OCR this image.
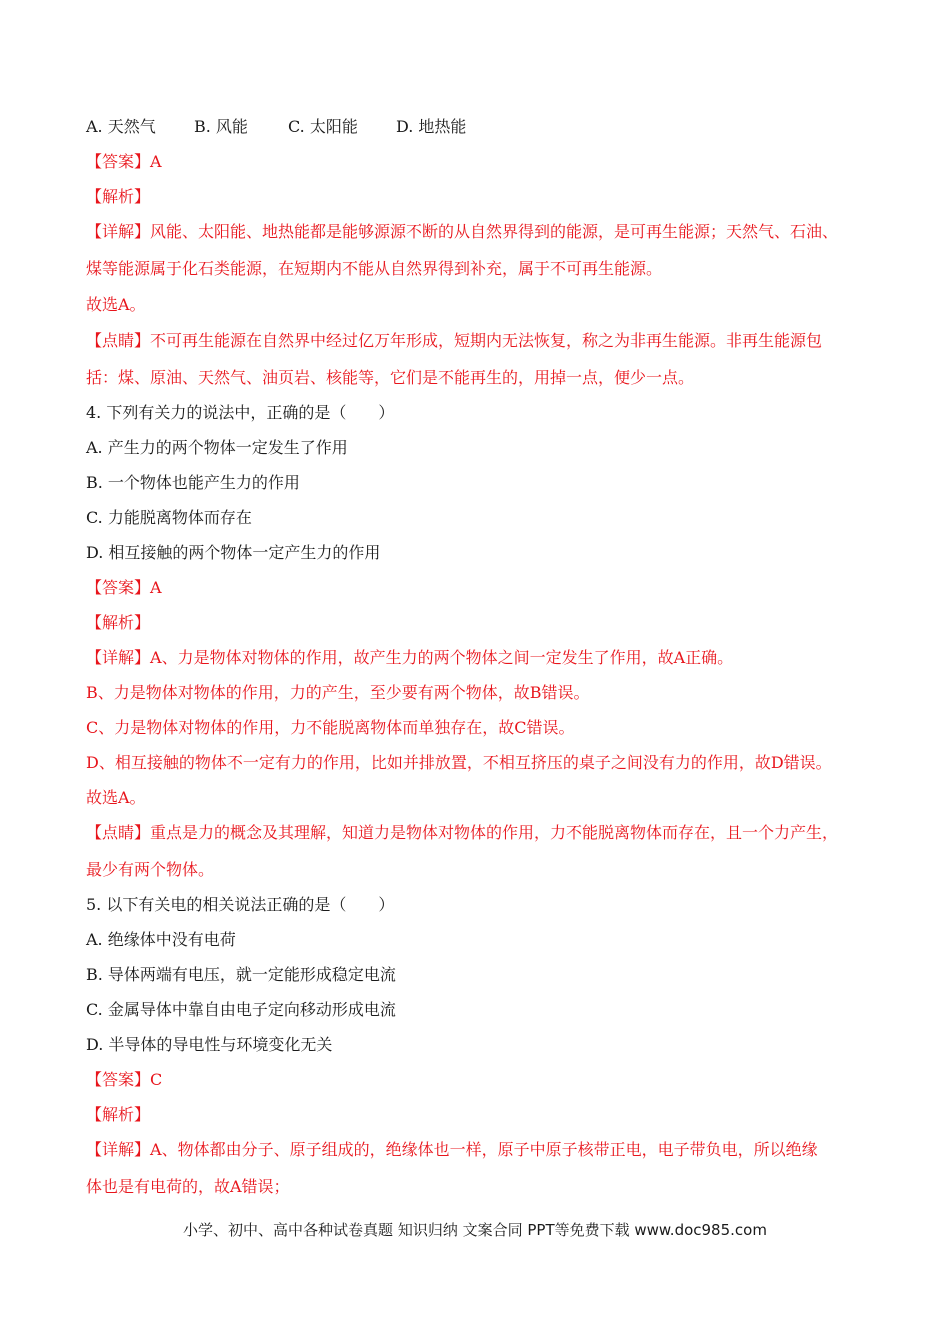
A. 天然气 B. 风能	C. 太阳能 D. 地热能
【答案】A
【解析】
【详解】风能、太阳能、地热能都是能够源源不断的从自然界得到的能源，是可再生能源；天然气、石油、
煤等能源属于化石类能源，在短期内不能从自然界得到补充，属于不可再生能源。
故选A。
【点睛】不可再生能源在自然界中经过亿万年形成，短期内无法恢复，称之为非再生能源。非再生能源包
括：煤、原油、天然气、油页岩、核能等，它们是不能再生的，用掉一点，便少一点。
4. 下列有关力的说法中，正确的是（　　）
A. 产生力的两个物体一定发生了作用
B. 一个物体也能产生力的作用
C. 力能脱离物体而存在
D. 相互接触的两个物体一定产生力的作用
【答案】A
【解析】
【详解】A、力是物体对物体的作用，故产生力的两个物体之间一定发生了作用，故A正确。
B、力是物体对物体的作用，力的产生，至少要有两个物体，故B错误。
C、力是物体对物体的作用，力不能脱离物体而单独存在，故C错误。
D、相互接触的物体不一定有力的作用，比如并排放置，不相互挤压的桌子之间没有力的作用，故D错误。
故选A。
【点睛】重点是力的概念及其理解，知道力是物体对物体的作用，力不能脱离物体而存在，且一个力产生，
最少有两个物体。
5. 以下有关电的相关说法正确的是（　　）
A. 绝缘体中没有电荷
B. 导体两端有电压，就一定能形成稳定电流
C. 金属导体中靠自由电子定向移动形成电流
D. 半导体的导电性与环境变化无关
【答案】C
【解析】
【详解】A、物体都由分子、原子组成的，绝缘体也一样，原子中原子核带正电，电子带负电，所以绝缘
体也是有电荷的，故A错误；
小学、初中、高中各种试卷真题 知识归纳 文案合同 PPT等免费下载 www.doc985.com
